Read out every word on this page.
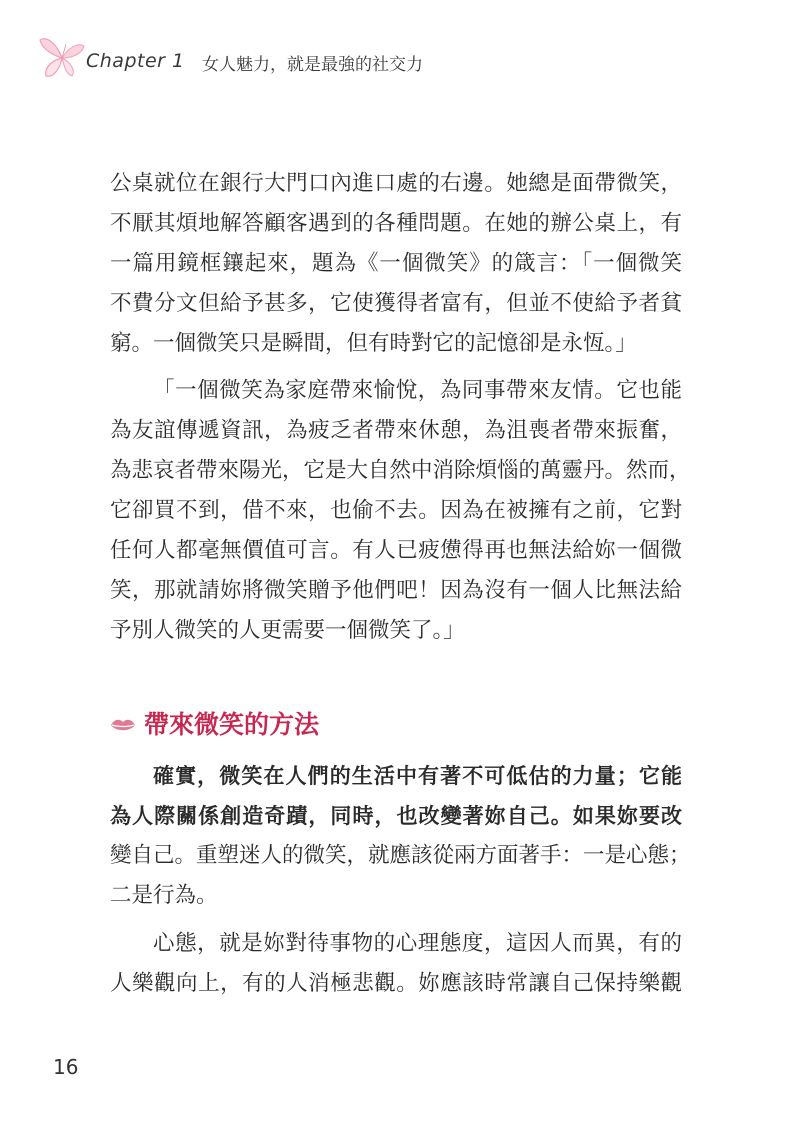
Chapter 1 女人魅力，就是最強的社交力
公桌就位在銀行大門口內進口處的右邊。她總是面帶微笑，
不厭其煩地解答顧客遇到的各種問題。在她的辦公桌上，有
一篇用鏡框鑲起來，題為《一個微笑》的箴言：「一個微笑
不費分文但給予甚多，它使獲得者富有，但並不使給予者貧
窮。一個微笑只是瞬間，但有時對它的記憶卻是永恆。」
「一個微笑為家庭帶來愉悅，為同事帶來友情。它也能
為友誼傳遞資訊，為疲乏者帶來休憩，為沮喪者帶來振奮，
為悲哀者帶來陽光，它是大自然中消除煩惱的萬靈丹。然而，
它卻買不到，借不來，也偷不去。因為在被擁有之前，它對
任何人都毫無價值可言。有人已疲憊得再也無法給妳一個微
笑，那就請妳將微笑贈予他們吧！因為沒有一個人比無法給
予別人微笑的人更需要一個微笑了。」
帶來微笑的方法
確實，微笑在人們的生活中有著不可低估的力量；它能
為人際關係創造奇蹟，同時，也改變著妳自己。如果妳要改
變自己。重塑迷人的微笑，就應該從兩方面著手：一是心態；
二是行為。
心態，就是妳對待事物的心理態度，這因人而異，有的
人樂觀向上，有的人消極悲觀。妳應該時常讓自己保持樂觀
16
